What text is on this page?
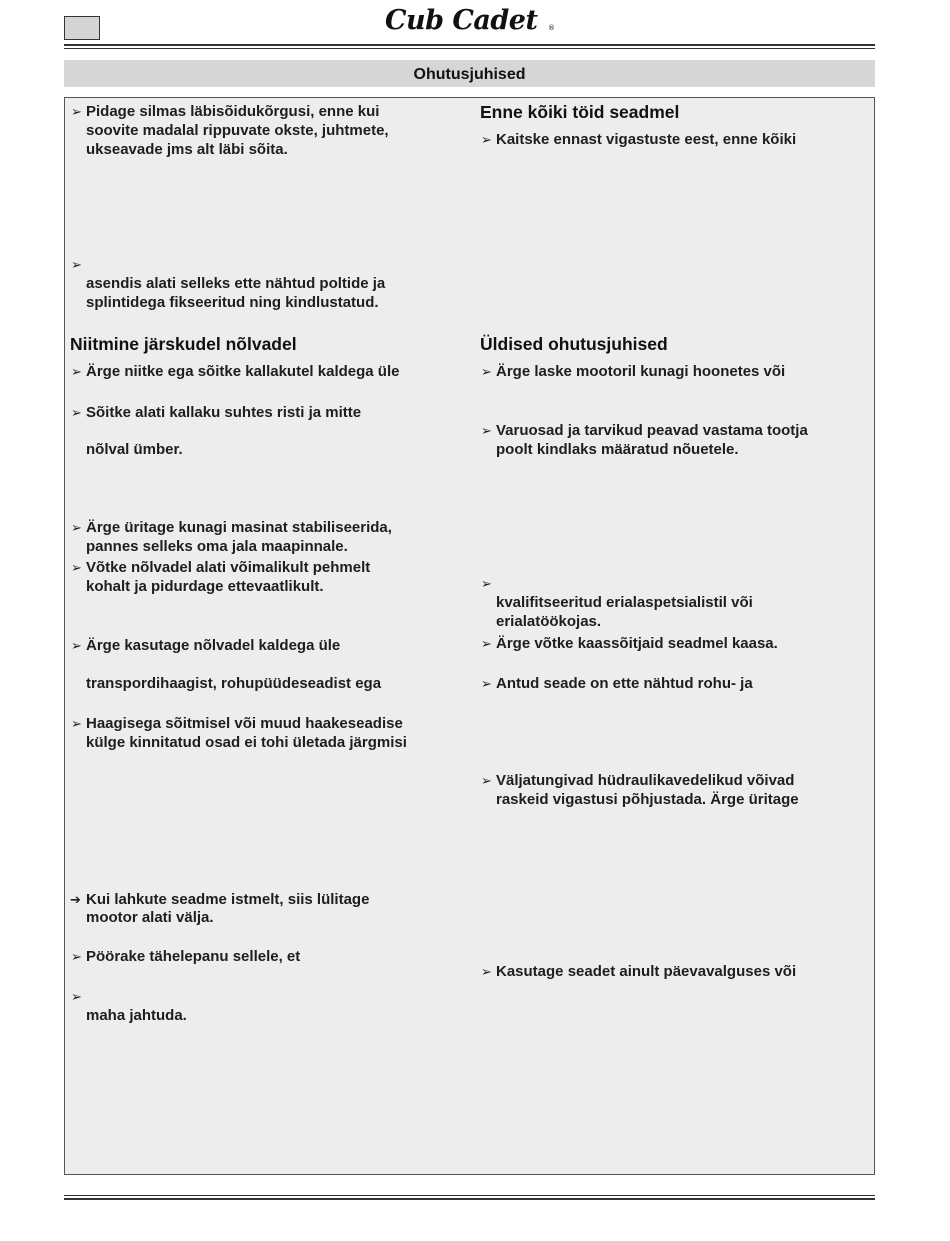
Cub Cadet ®
Ohutusjuhised
➢ Pidage silmas läbisõidukõrgusi, enne kui
soovite madalal rippuvate okste, juhtmete,
ukseavade jms alt läbi sõita.
➢
asendis alati selleks ette nähtud poltide ja
splintidega fikseeritud ning kindlustatud.
Niitmine järskudel nõlvadel
➢ Ärge niitke ega sõitke kallakutel kaldega üle
➢ Sõitke alati kallaku suhtes risti ja mitte
nõlval ümber.
➢ Ärge üritage kunagi masinat stabiliseerida,
pannes selleks oma jala maapinnale.
➢ Võtke nõlvadel alati võimalikult pehmelt
kohalt ja pidurdage ettevaatlikult.
➢ Ärge kasutage nõlvadel kaldega üle
transpordihaagist, rohupüüdeseadist ega
➢ Haagisega sõitmisel või muud haakeseadise
külge kinnitatud osad ei tohi ületada järgmisi
➔ Kui lahkute seadme istmelt, siis lülitage
mootor alati välja.
➢ Pöörake tähelepanu sellele, et
➢
maha jahtuda.
Enne kõiki töid seadmel
➢ Kaitske ennast vigastuste eest, enne kõiki
Üldised ohutusjuhised
➢ Ärge laske mootoril kunagi hoonetes või
➢ Varuosad ja tarvikud peavad vastama tootja
poolt kindlaks määratud nõuetele.
➢
kvalifitseeritud erialaspetsialistil või
erialatöökojas.
➢ Ärge võtke kaassõitjaid seadmel kaasa.
➢ Antud seade on ette nähtud rohu- ja
➢ Väljatungivad hüdraulikavedelikud võivad
raskeid vigastusi põhjustada. Ärge üritage
➢ Kasutage seadet ainult päevavalguses või
